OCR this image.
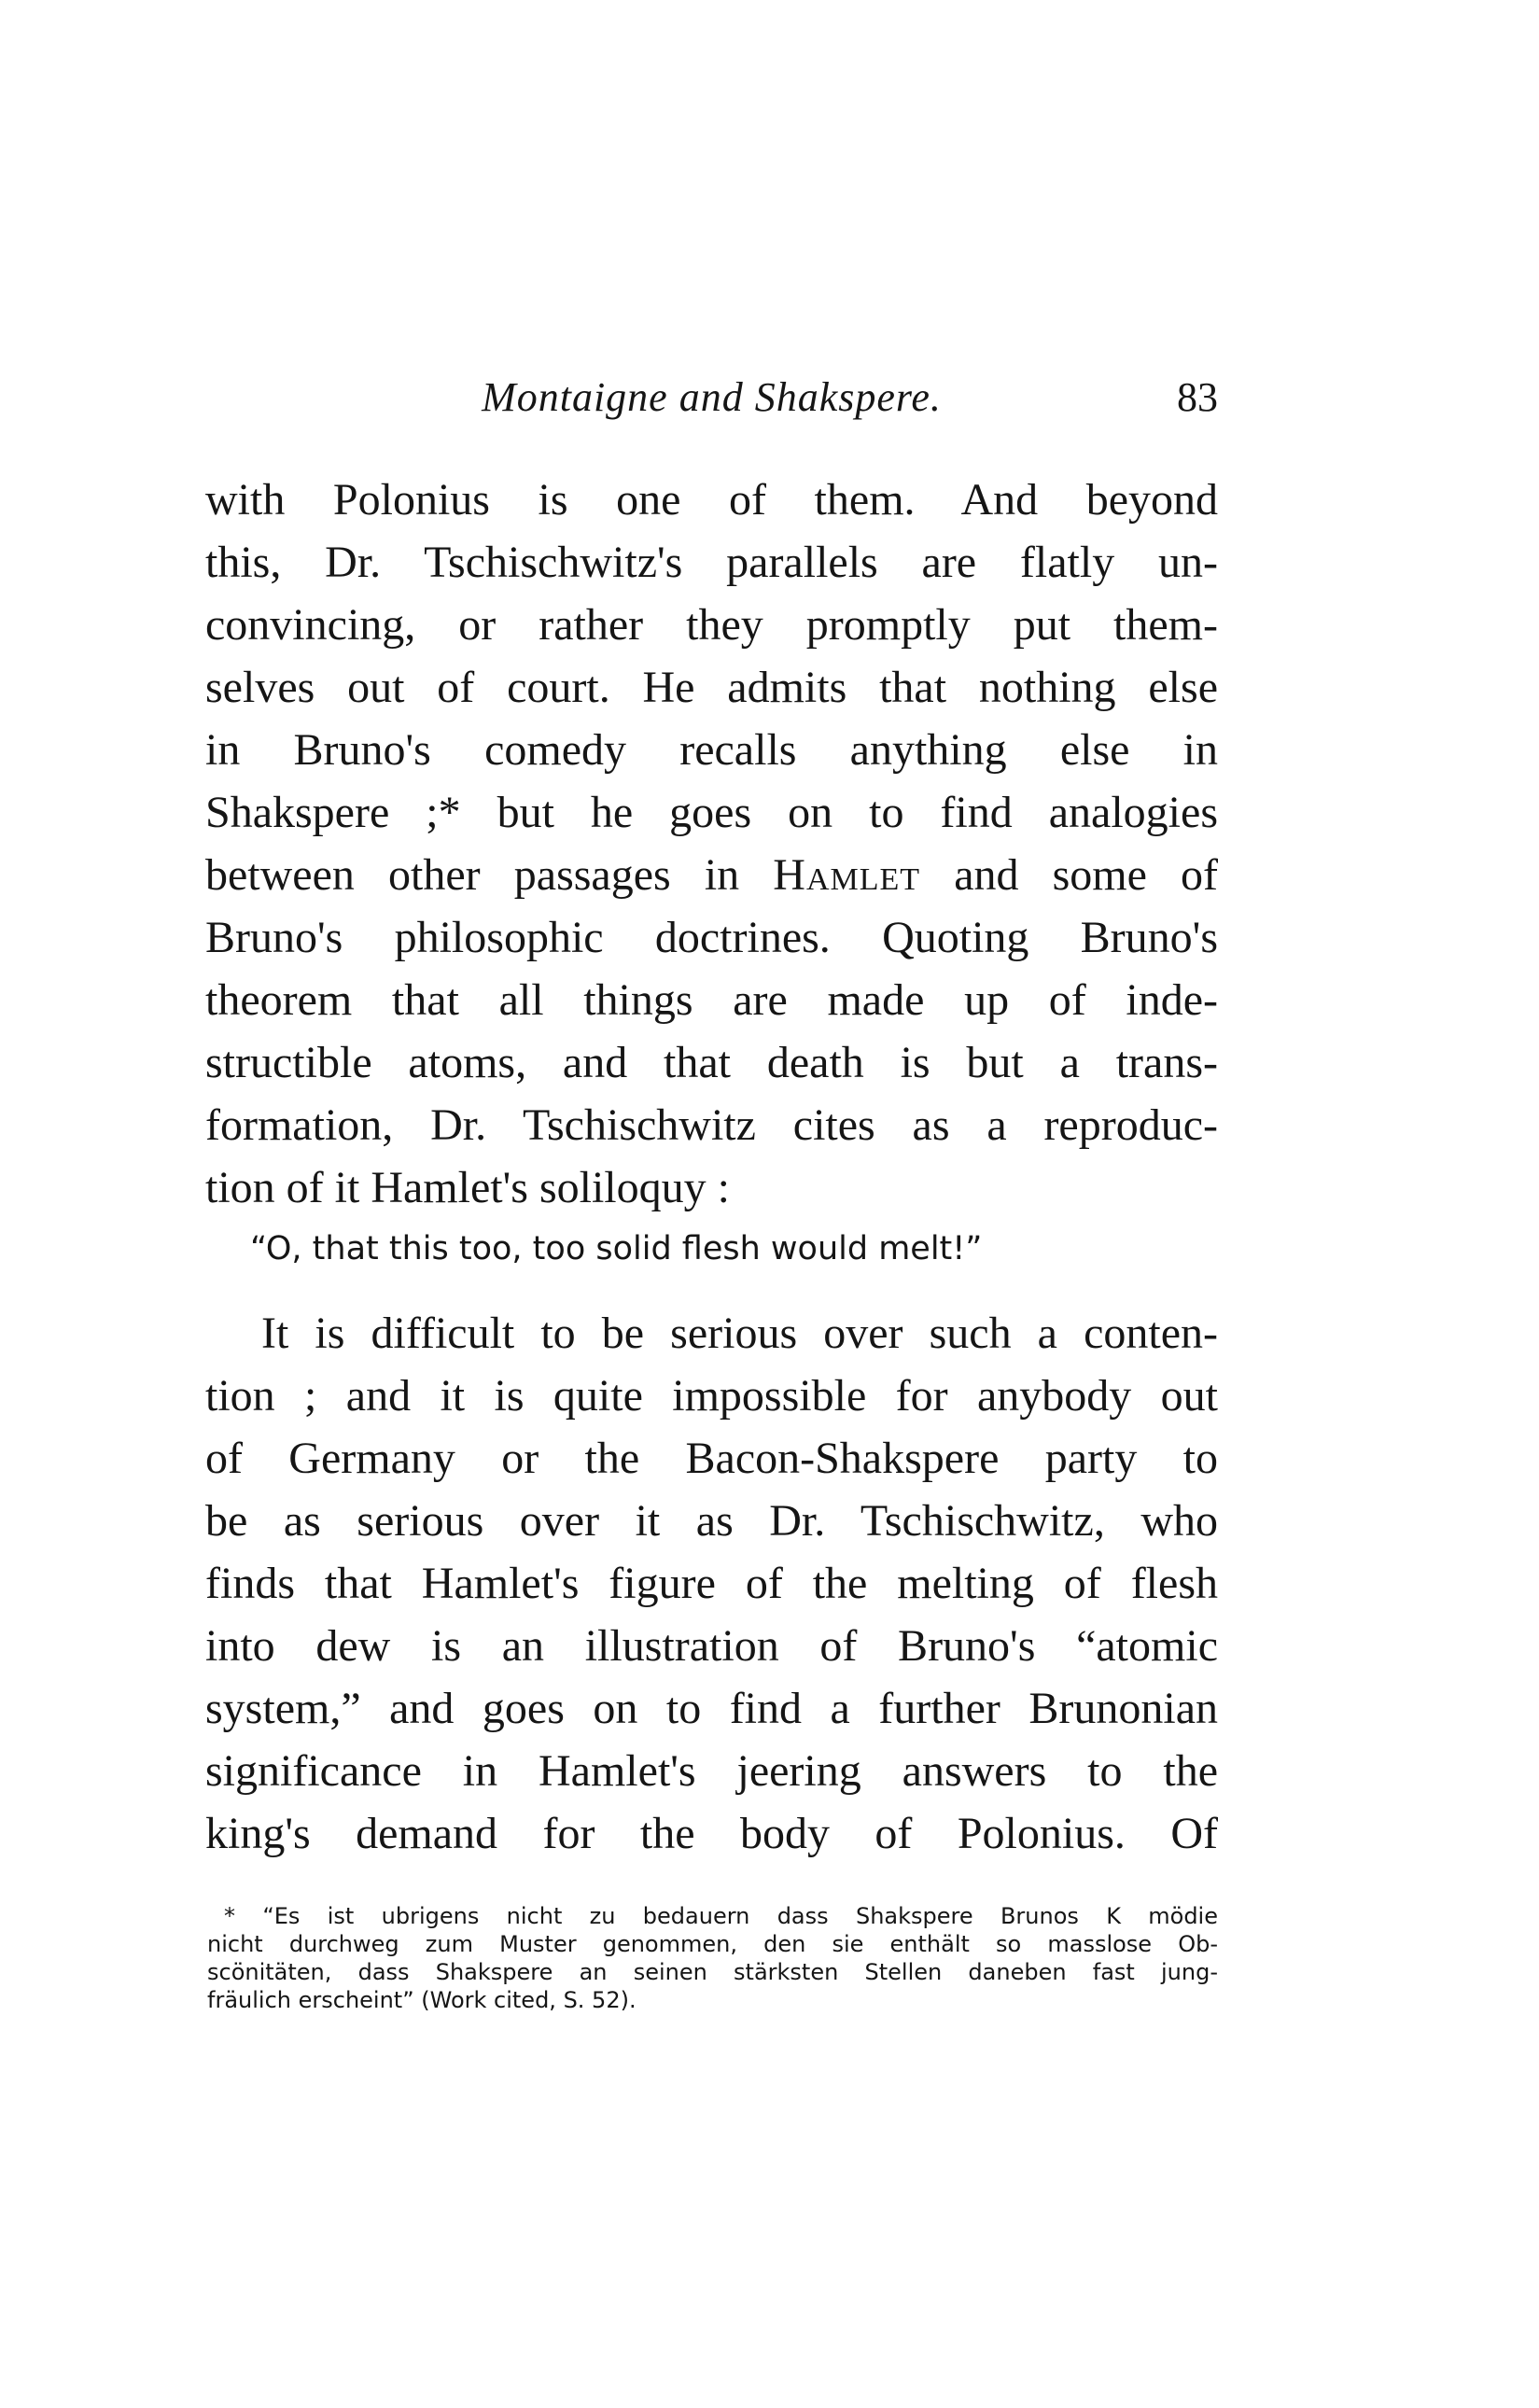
Montaigne and Shakspere.	83
with Polonius is one of them. And beyond
this, Dr. Tschischwitz's parallels are flatly un-
convincing, or rather they promptly put them-
selves out of court. He admits that nothing else
in Bruno's comedy recalls anything else in
Shakspere ;* but he goes on to find analogies
between other passages in Hamlet and some of
Bruno's philosophic doctrines. Quoting Bruno's
theorem that all things are made up of inde-
structible atoms, and that death is but a trans-
formation, Dr. Tschischwitz cites as a reproduc-
tion of it Hamlet's soliloquy :
“O, that this too, too solid flesh would melt!”
It is difficult to be serious over such a conten-
tion ; and it is quite impossible for anybody out
of Germany or the Bacon-Shakspere party to
be as serious over it as Dr. Tschischwitz, who
finds that Hamlet's figure of the melting of flesh
into dew is an illustration of Bruno's “atomic
system,” and goes on to find a further Brunonian
significance in Hamlet's jeering answers to the
king's demand for the body of Polonius. Of
* “Es ist ubrigens nicht zu bedauern dass Shakspere Brunos K mödie
nicht durchweg zum Muster genommen, den sie enthält so masslose Ob-
scönitäten, dass Shakspere an seinen stärksten Stellen daneben fast jung-
fräulich erscheint” (Work cited, S. 52).
